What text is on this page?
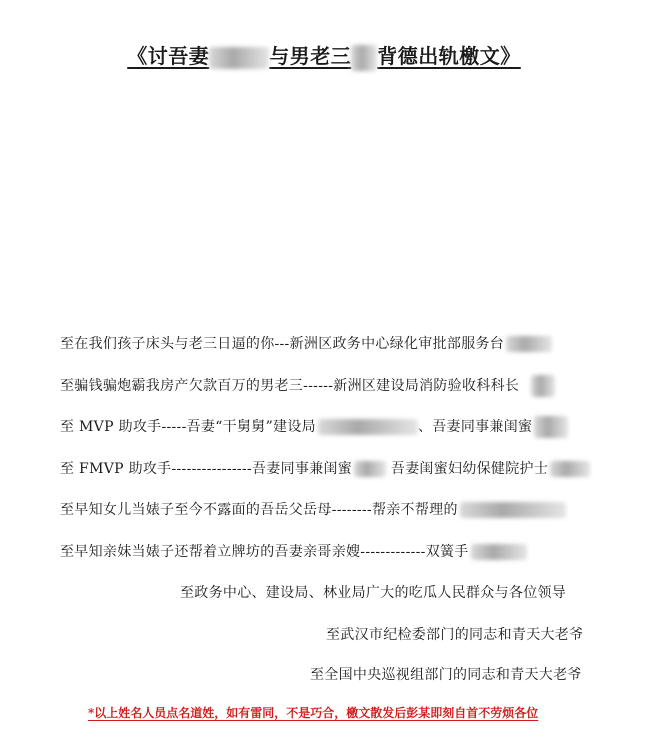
《讨吾妻	与男老三 背德出轨檄文》
至在我们孩子床头与老三日逼的你---新洲区政务中心绿化审批部服务台
至骗钱骗炮霸我房产欠款百万的男老三------新洲区建设局消防验收科科长
至 MVP 助攻手-----吾妻“干舅舅”建设局	、吾妻同事兼闺蜜
至 FMVP 助攻手----------------吾妻同事兼闺蜜 吾妻闺蜜妇幼保健院护士
至早知女儿当婊子至今不露面的吾岳父岳母--------帮亲不帮理的
至早知亲妹当婊子还帮着立牌坊的吾妻亲哥亲嫂-------------双簧手
至政务中心、建设局、林业局广大的吃瓜人民群众与各位领导
至武汉市纪检委部门的同志和青天大老爷
至全国中央巡视组部门的同志和青天大老爷
*以上姓名人员点名道姓，如有雷同，不是巧合，檄文散发后彭某即刻自首不劳烦各位
